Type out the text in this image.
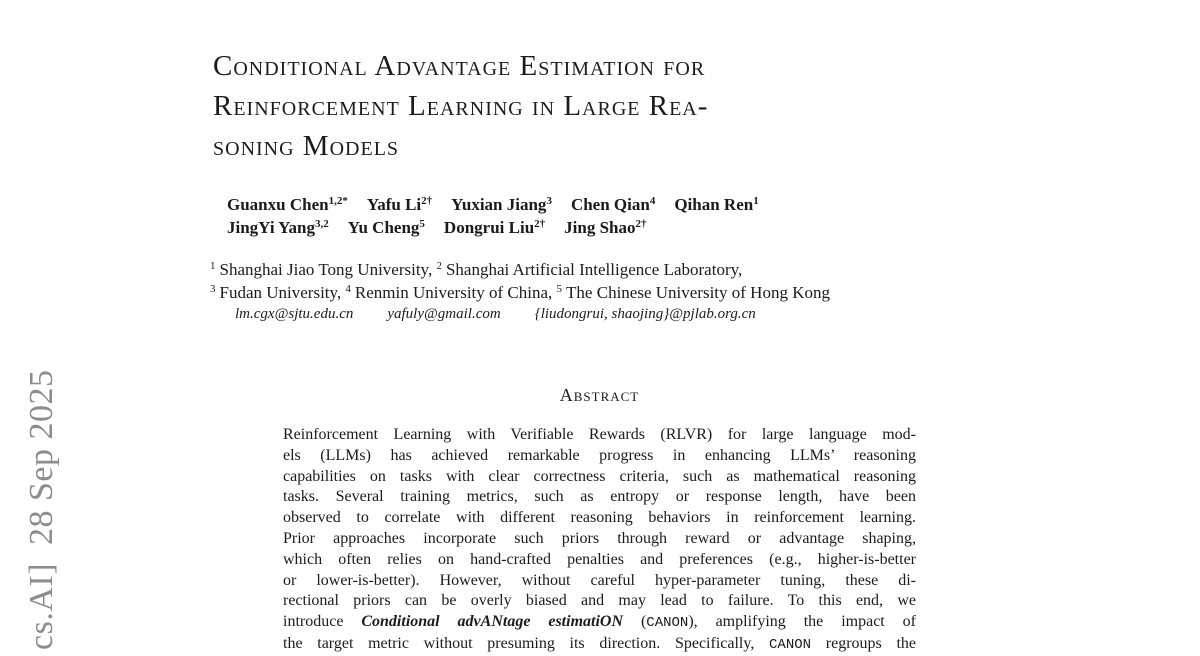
cs.AI]  28 Sep 2025
Conditional Advantage Estimation for
Reinforcement Learning in Large Rea-
soning Models
Guanxu Chen$^{1,2*}$ Yafu $Li^{2\dagger}$ Yuxian Jiang$^3$ Chen Qian$^4$ Qihan Ren$^1$
JingYi Yang$^{3,2}$ Yu Cheng$^5$ Dongrui Liu$^{2\dagger}$ Jing Shao$^{2\dagger}$
$^1$ Shanghai Jiao Tong University, $^2$ Shanghai Artificial Intelligence Laboratory,
$^3$ Fudan University, $^4$ Renmin University of China, $^5$ The Chinese University of Hong Kong
lm.cgx@sjtu.edu.cn yafuly@gmail.com {liudongrui, shaojing}@pjlab.org.cn
Abstract
Reinforcement Learning with Verifiable Rewards (RLVR) for large language mod-
els (LLMs) has achieved remarkable progress in enhancing LLMs’ reasoning
capabilities on tasks with clear correctness criteria, such as mathematical reasoning
tasks. Several training metrics, such as entropy or response length, have been
observed to correlate with different reasoning behaviors in reinforcement learning.
Prior approaches incorporate such priors through reward or advantage shaping,
which often relies on hand-crafted penalties and preferences (e.g., higher-is-better
or lower-is-better). However, without careful hyper-parameter tuning, these di-
rectional priors can be overly biased and may lead to failure. To this end, we
introduce Conditional advANtage estimatiON (CANON), amplifying the impact of
the target metric without presuming its direction. Specifically, CANON regroups the
